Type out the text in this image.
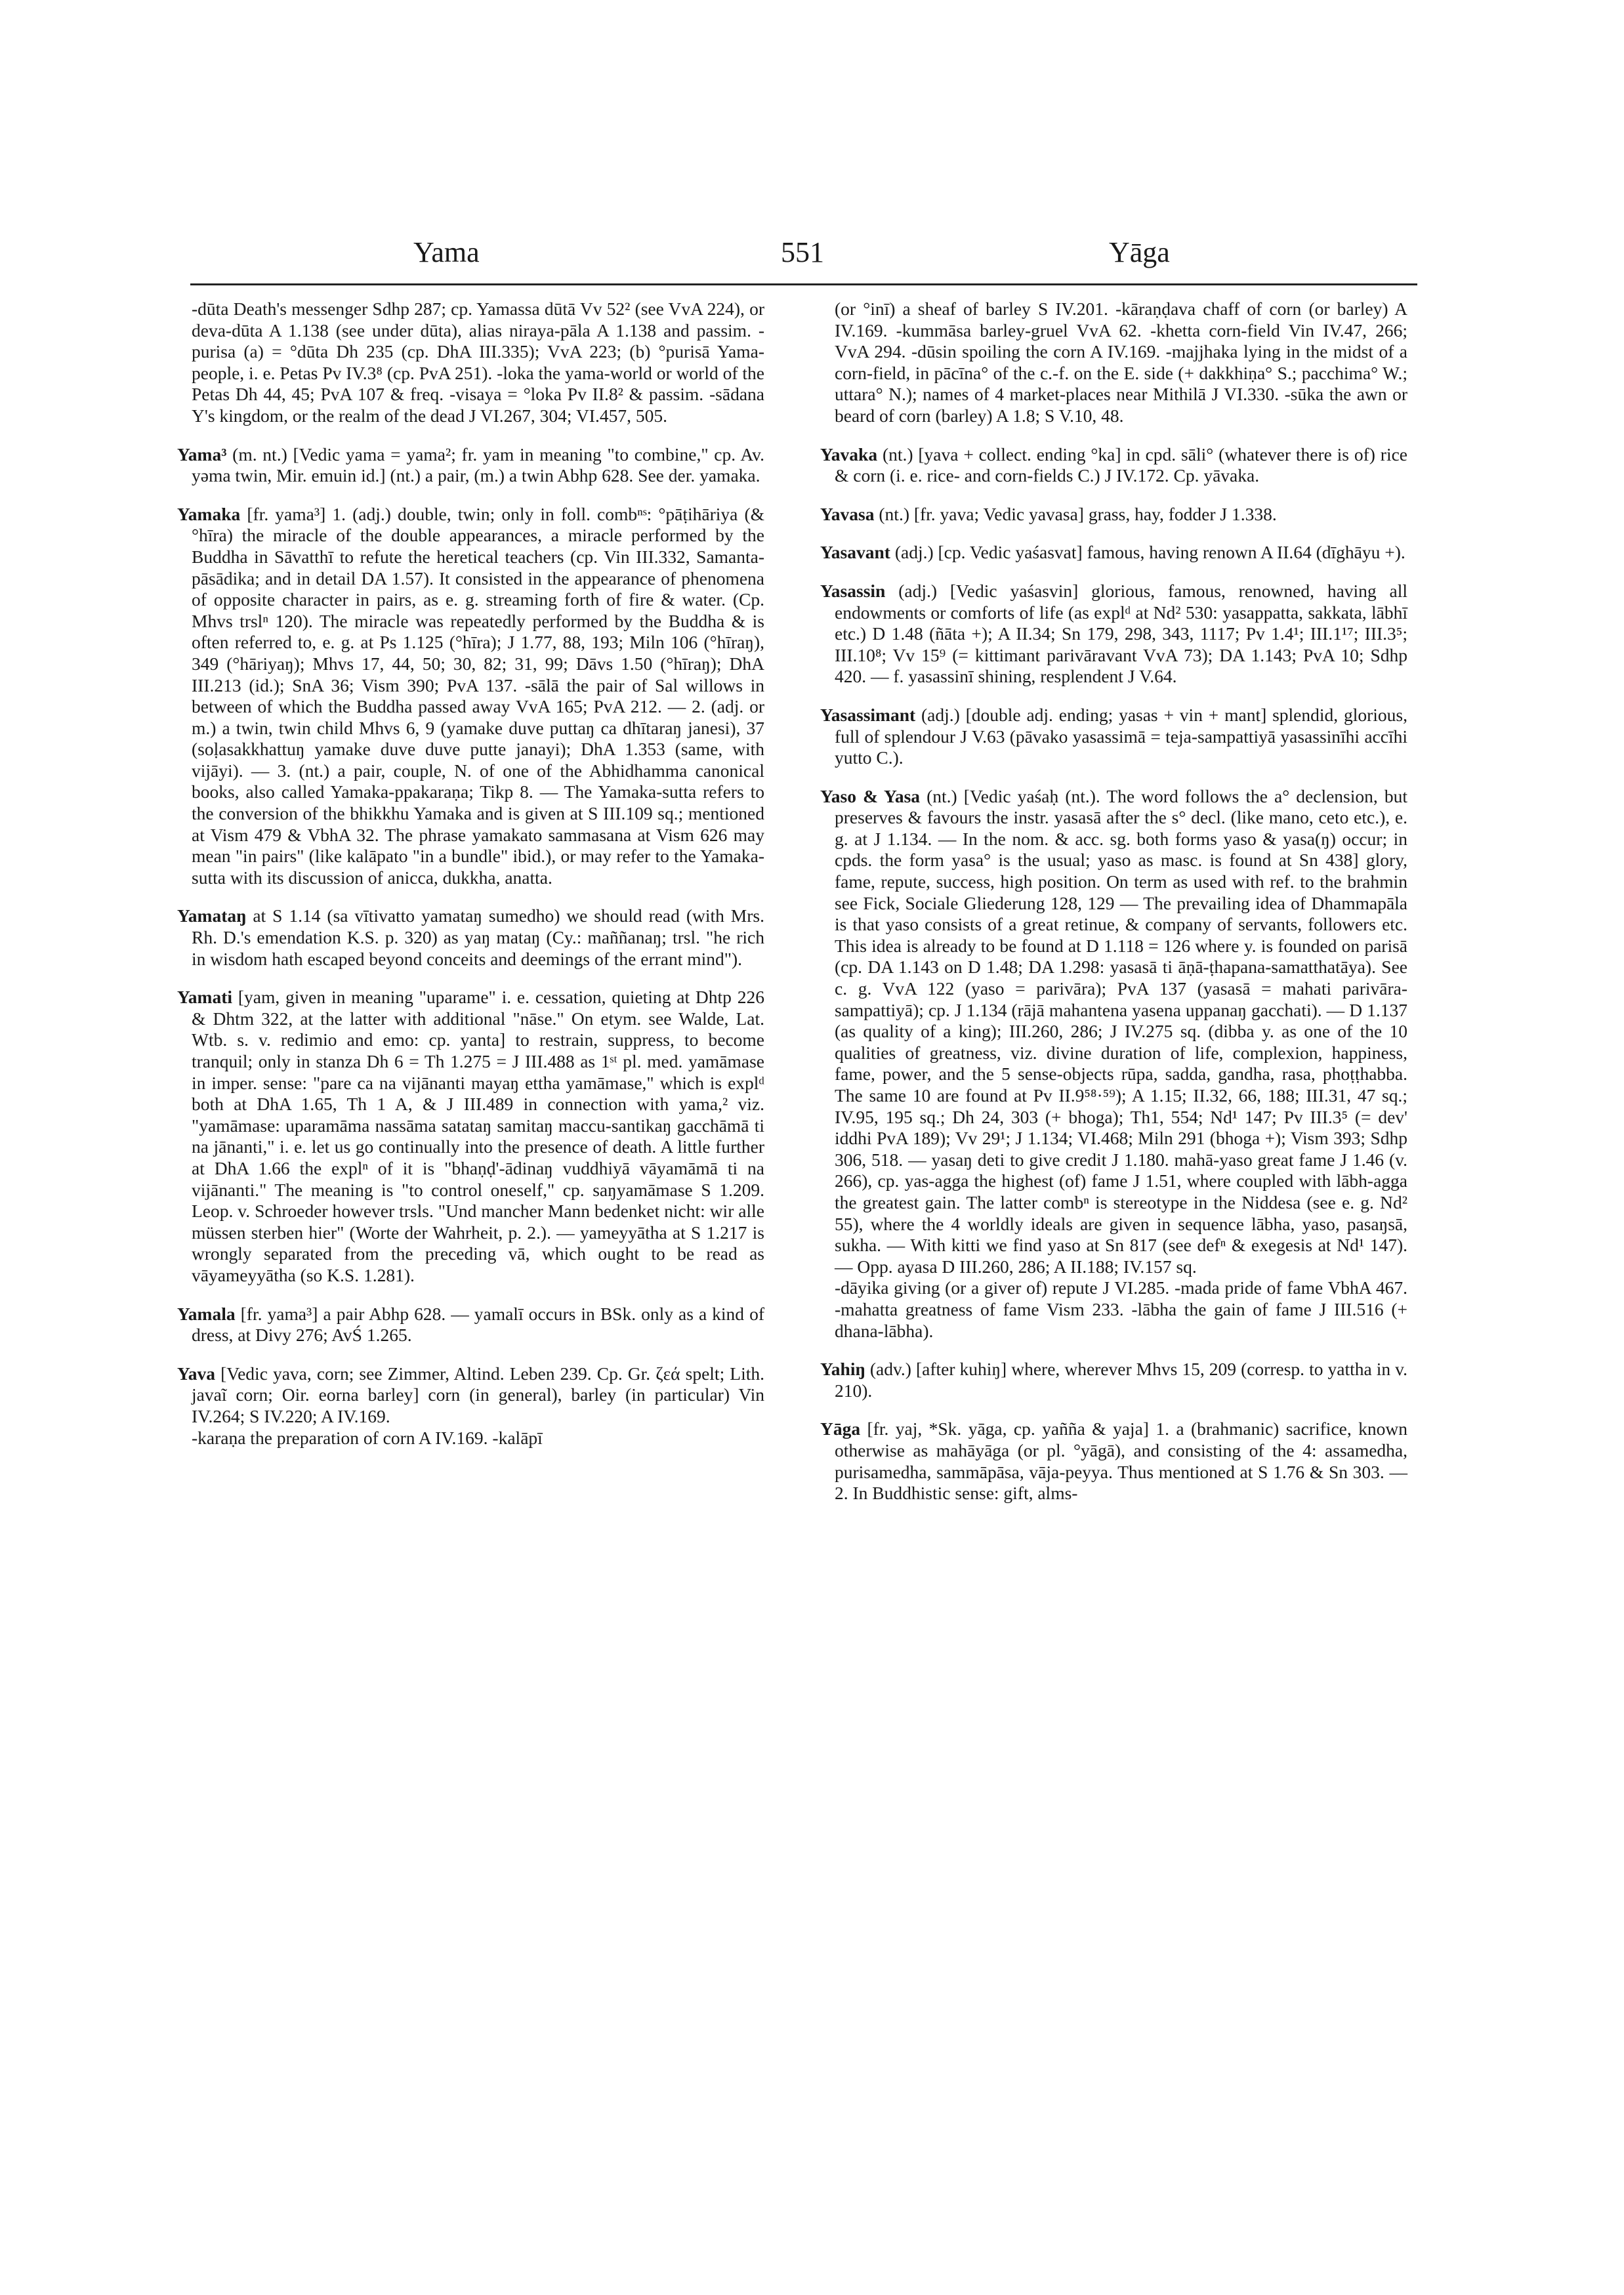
Yama	551	Yāga

-dūta Death's messenger Sdhp 287; cp. Yamassa dūtā Vv 52² (see VvA 224), or deva-dūta A 1.138 (see under dūta), alias niraya-pāla A 1.138 and passim. -purisa (a) = °dūta Dh 235 (cp. DhA III.335); VvA 223; (b) °purisā Yama-people, i. e. Petas Pv IV.3⁸ (cp. PvA 251). -loka the yama-world or world of the Petas Dh 44, 45; PvA 107 & freq. -visaya = °loka Pv II.8² & passim. -sādana Y's kingdom, or the realm of the dead J VI.267, 304; VI.457, 505.

Yama³ (m. nt.) [Vedic yama = yama²; fr. yam in meaning "to combine," cp. Av. yəma twin, Mir. emuin id.] (nt.) a pair, (m.) a twin Abhp 628. See der. yamaka.

Yamaka [fr. yama³] 1. (adj.) double, twin; only in foll. combⁿˢ: °pāṭihāriya (& °hīra) the miracle of the double appearances, a miracle performed by the Buddha in Sāvatthī to refute the heretical teachers (cp. Vin III.332, Samanta-pāsādika; and in detail DA 1.57). It consisted in the appearance of phenomena of opposite character in pairs, as e. g. streaming forth of fire & water. (Cp. Mhvs trslⁿ 120). The miracle was repeatedly performed by the Buddha & is often referred to, e. g. at Ps 1.125 (°hīra); J 1.77, 88, 193; Miln 106 (°hīraŋ), 349 (°hāriyaŋ); Mhvs 17, 44, 50; 30, 82; 31, 99; Dāvs 1.50 (°hīraŋ); DhA III.213 (id.); SnA 36; Vism 390; PvA 137. -sālā the pair of Sal willows in between of which the Buddha passed away VvA 165; PvA 212. — 2. (adj. or m.) a twin, twin child Mhvs 6, 9 (yamake duve puttaŋ ca dhītaraŋ janesi), 37 (soḷasakkhattuŋ yamake duve duve putte janayi); DhA 1.353 (same, with vijāyi). — 3. (nt.) a pair, couple, N. of one of the Abhidhamma canonical books, also called Yamaka-ppakaraṇa; Tikp 8. — The Yamaka-sutta refers to the conversion of the bhikkhu Yamaka and is given at S III.109 sq.; mentioned at Vism 479 & VbhA 32. The phrase yamakato sammasana at Vism 626 may mean "in pairs" (like kalāpato "in a bundle" ibid.), or may refer to the Yamaka-sutta with its discussion of anicca, dukkha, anatta.

Yamataŋ at S 1.14 (sa vītivatto yamataŋ sumedho) we should read (with Mrs. Rh. D.'s emendation K.S. p. 320) as yaŋ mataŋ (Cy.: maññanaŋ; trsl. "he rich in wisdom hath escaped beyond conceits and deemings of the errant mind").

Yamati [yam, given in meaning "uparame" i. e. cessation, quieting at Dhtp 226 & Dhtm 322, at the latter with additional "nāse." On etym. see Walde, Lat. Wtb. s. v. redimio and emo: cp. yanta] to restrain, suppress, to become tranquil; only in stanza Dh 6 = Th 1.275 = J III.488 as 1ˢᵗ pl. med. yamāmase in imper. sense: "pare ca na vijānanti mayaŋ ettha yamāmase," which is explᵈ both at DhA 1.65, Th 1 A, & J III.489 in connection with yama,² viz. "yamāmase: uparamāma nassāma satataŋ samitaŋ maccu-santikaŋ gacchāmā ti na jānanti," i. e. let us go continually into the presence of death. A little further at DhA 1.66 the explⁿ of it is "bhaṇḍ'-ādinaŋ vuddhiyā vāyamāmā ti na vijānanti." The meaning is "to control oneself," cp. saŋyamāmase S 1.209. Leop. v. Schroeder however trsls. "Und mancher Mann bedenket nicht: wir alle müssen sterben hier" (Worte der Wahrheit, p. 2.). — yameyyātha at S 1.217 is wrongly separated from the preceding vā, which ought to be read as vāyameyyātha (so K.S. 1.281).

Yamala [fr. yama³] a pair Abhp 628. — yamalī occurs in BSk. only as a kind of dress, at Divy 276; AvŚ 1.265.

Yava [Vedic yava, corn; see Zimmer, Altind. Leben 239. Cp. Gr. ζεά spelt; Lith. javaĩ corn; Oir. eorna barley] corn (in general), barley (in particular) Vin IV.264; S IV.220; A IV.169.
-karaṇa the preparation of corn A IV.169. -kalāpī

(or °inī) a sheaf of barley S IV.201. -kāraṇḍava chaff of corn (or barley) A IV.169. -kummāsa barley-gruel VvA 62. -khetta corn-field Vin IV.47, 266; VvA 294. -dūsin spoiling the corn A IV.169. -majjhaka lying in the midst of a corn-field, in pācīna° of the c.-f. on the E. side (+ dakkhiṇa° S.; pacchima° W.; uttara° N.); names of 4 market-places near Mithilā J VI.330. -sūka the awn or beard of corn (barley) A 1.8; S V.10, 48.

Yavaka (nt.) [yava + collect. ending °ka] in cpd. sāli° (whatever there is of) rice & corn (i. e. rice- and corn-fields C.) J IV.172. Cp. yāvaka.

Yavasa (nt.) [fr. yava; Vedic yavasa] grass, hay, fodder J 1.338.

Yasavant (adj.) [cp. Vedic yaśasvat] famous, having renown A II.64 (dīghāyu +).

Yasassin (adj.) [Vedic yaśasvin] glorious, famous, renowned, having all endowments or comforts of life (as explᵈ at Nd² 530: yasappatta, sakkata, lābhī etc.) D 1.48 (ñāta +); A II.34; Sn 179, 298, 343, 1117; Pv 1.4¹; III.1¹⁷; III.3⁵; III.10⁸; Vv 15⁹ (= kittimant parivāravant VvA 73); DA 1.143; PvA 10; Sdhp 420. — f. yasassinī shining, resplendent J V.64.

Yasassimant (adj.) [double adj. ending; yasas + vin + mant] splendid, glorious, full of splendour J V.63 (pāvako yasassimā = teja-sampattiyā yasassinīhi accīhi yutto C.).

Yaso & Yasa (nt.) [Vedic yaśaḥ (nt.). The word follows the a° declension, but preserves & favours the instr. yasasā after the s° decl. (like mano, ceto etc.), e. g. at J 1.134. — In the nom. & acc. sg. both forms yaso & yasa(ŋ) occur; in cpds. the form yasa° is the usual; yaso as masc. is found at Sn 438] glory, fame, repute, success, high position. On term as used with ref. to the brahmin see Fick, Sociale Gliederung 128, 129 — The prevailing idea of Dhammapāla is that yaso consists of a great retinue, & company of servants, followers etc. This idea is already to be found at D 1.118 = 126 where y. is founded on parisā (cp. DA 1.143 on D 1.48; DA 1.298: yasasā ti āṇā-ṭhapana-samatthatāya). See c. g. VvA 122 (yaso = parivāra); PvA 137 (yasasā = mahati parivāra-sampattiyā); cp. J 1.134 (rājā mahantena yasena uppanaŋ gacchati). — D 1.137 (as quality of a king); III.260, 286; J IV.275 sq. (dibba y. as one of the 10 qualities of greatness, viz. divine duration of life, complexion, happiness, fame, power, and the 5 sense-objects rūpa, sadda, gandha, rasa, phoṭṭhabba. The same 10 are found at Pv II.9⁵⁸·⁵⁹); A 1.15; II.32, 66, 188; III.31, 47 sq.; IV.95, 195 sq.; Dh 24, 303 (+ bhoga); Th1, 554; Nd¹ 147; Pv III.3⁵ (= dev' iddhi PvA 189); Vv 29¹; J 1.134; VI.468; Miln 291 (bhoga +); Vism 393; Sdhp 306, 518. — yasaŋ deti to give credit J 1.180. mahā-yaso great fame J 1.46 (v. 266), cp. yas-agga the highest (of) fame J 1.51, where coupled with lābh-agga the greatest gain. The latter combⁿ is stereotype in the Niddesa (see e. g. Nd² 55), where the 4 worldly ideals are given in sequence lābha, yaso, pasaŋsā, sukha. — With kitti we find yaso at Sn 817 (see defⁿ & exegesis at Nd¹ 147). — Opp. ayasa D III.260, 286; A II.188; IV.157 sq.
-dāyika giving (or a giver of) repute J VI.285. -mada pride of fame VbhA 467. -mahatta greatness of fame Vism 233. -lābha the gain of fame J III.516 (+ dhana-lābha).

Yahiŋ (adv.) [after kuhiŋ] where, wherever Mhvs 15, 209 (corresp. to yattha in v. 210).

Yāga [fr. yaj, *Sk. yāga, cp. yañña & yaja] 1. a (brahmanic) sacrifice, known otherwise as mahāyāga (or pl. °yāgā), and consisting of the 4: assamedha, purisamedha, sammāpāsa, vāja-peyya. Thus mentioned at S 1.76 & Sn 303. — 2. In Buddhistic sense: gift, alms-
